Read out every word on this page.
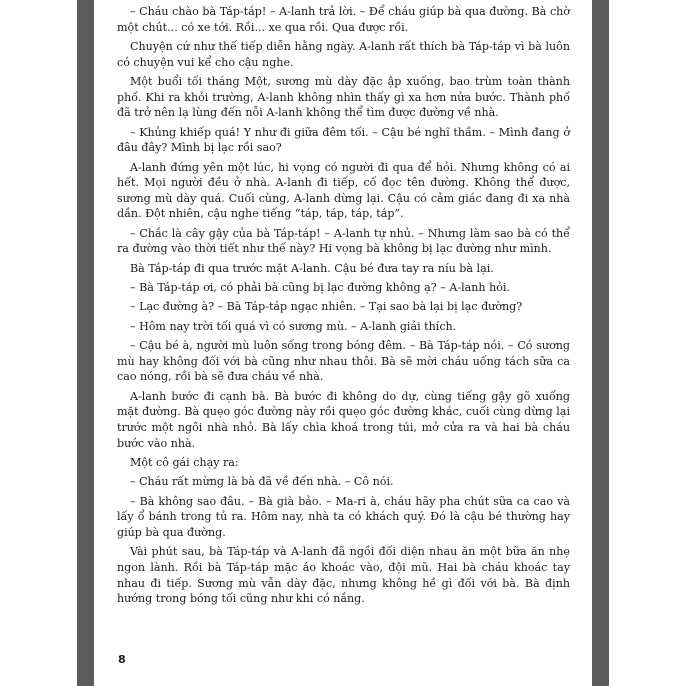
– Cháu chào bà Táp-táp! – A-lanh trả lời. – Để cháu giúp bà qua đường. Bà chờ một chút... có xe tới. Rồi... xe qua rồi. Qua được rồi.

Chuyện cứ như thế tiếp diễn hằng ngày. A-lanh rất thích bà Táp-táp vì bà luôn có chuyện vui kể cho cậu nghe.

Một buổi tối tháng Một, sương mù dày đặc ập xuống, bao trùm toàn thành phố. Khi ra khỏi trường, A-lanh không nhìn thấy gì xa hơn nửa bước. Thành phố đã trở nên lạ lùng đến nỗi A-lanh không thể tìm được đường về nhà.

– Khủng khiếp quá! Y như đi giữa đêm tối. – Cậu bé nghĩ thầm. – Mình đang ở đâu đây? Mình bị lạc rồi sao?

A-lanh đứng yên một lúc, hi vọng có người đi qua để hỏi. Nhưng không có ai hết. Mọi người đều ở nhà. A-lanh đi tiếp, cố đọc tên đường. Không thể được, sương mù dày quá. Cuối cùng, A-lanh dừng lại. Cậu có cảm giác đang đi xa nhà dần. Đột nhiên, cậu nghe tiếng “táp, táp, táp, táp”.

– Chắc là cây gậy của bà Táp-táp! – A-lanh tự nhủ. – Nhưng làm sao bà có thể ra đường vào thời tiết như thế này? Hi vọng bà không bị lạc đường như mình.

Bà Táp-táp đi qua trước mặt A-lanh. Cậu bé đưa tay ra níu bà lại.

– Bà Táp-táp ơi, có phải bà cũng bị lạc đường không ạ? – A-lanh hỏi.

– Lạc đường à? – Bà Táp-táp ngạc nhiên. – Tại sao bà lại bị lạc đường?

– Hôm nay trời tối quá vì có sương mù. – A-lanh giải thích.

– Cậu bé à, người mù luôn sống trong bóng đêm. – Bà Táp-táp nói. – Có sương mù hay không đối với bà cũng như nhau thôi. Bà sẽ mời cháu uống tách sữa ca cao nóng, rồi bà sẽ đưa cháu về nhà.

A-lanh bước đi cạnh bà. Bà bước đi không do dự, cùng tiếng gậy gõ xuống mặt đường. Bà quẹo góc đường này rồi quẹo góc đường khác, cuối cùng dừng lại trước một ngôi nhà nhỏ. Bà lấy chìa khoá trong túi, mở cửa ra và hai bà cháu bước vào nhà.

Một cô gái chạy ra:

– Cháu rất mừng là bà đã về đến nhà. – Cô nói.

– Bà không sao đâu. – Bà già bảo. – Ma-ri à, cháu hãy pha chút sữa ca cao và lấy ổ bánh trong tủ ra. Hôm nay, nhà ta có khách quý. Đó là cậu bé thường hay giúp bà qua đường.

Vài phút sau, bà Táp-táp và A-lanh đã ngồi đối diện nhau ăn một bữa ăn nhẹ ngon lành. Rồi bà Táp-táp mặc áo khoác vào, đội mũ. Hai bà cháu khoác tay nhau đi tiếp. Sương mù vẫn dày đặc, nhưng không hề gì đối với bà. Bà định hướng trong bóng tối cũng như khi có nắng.

8
